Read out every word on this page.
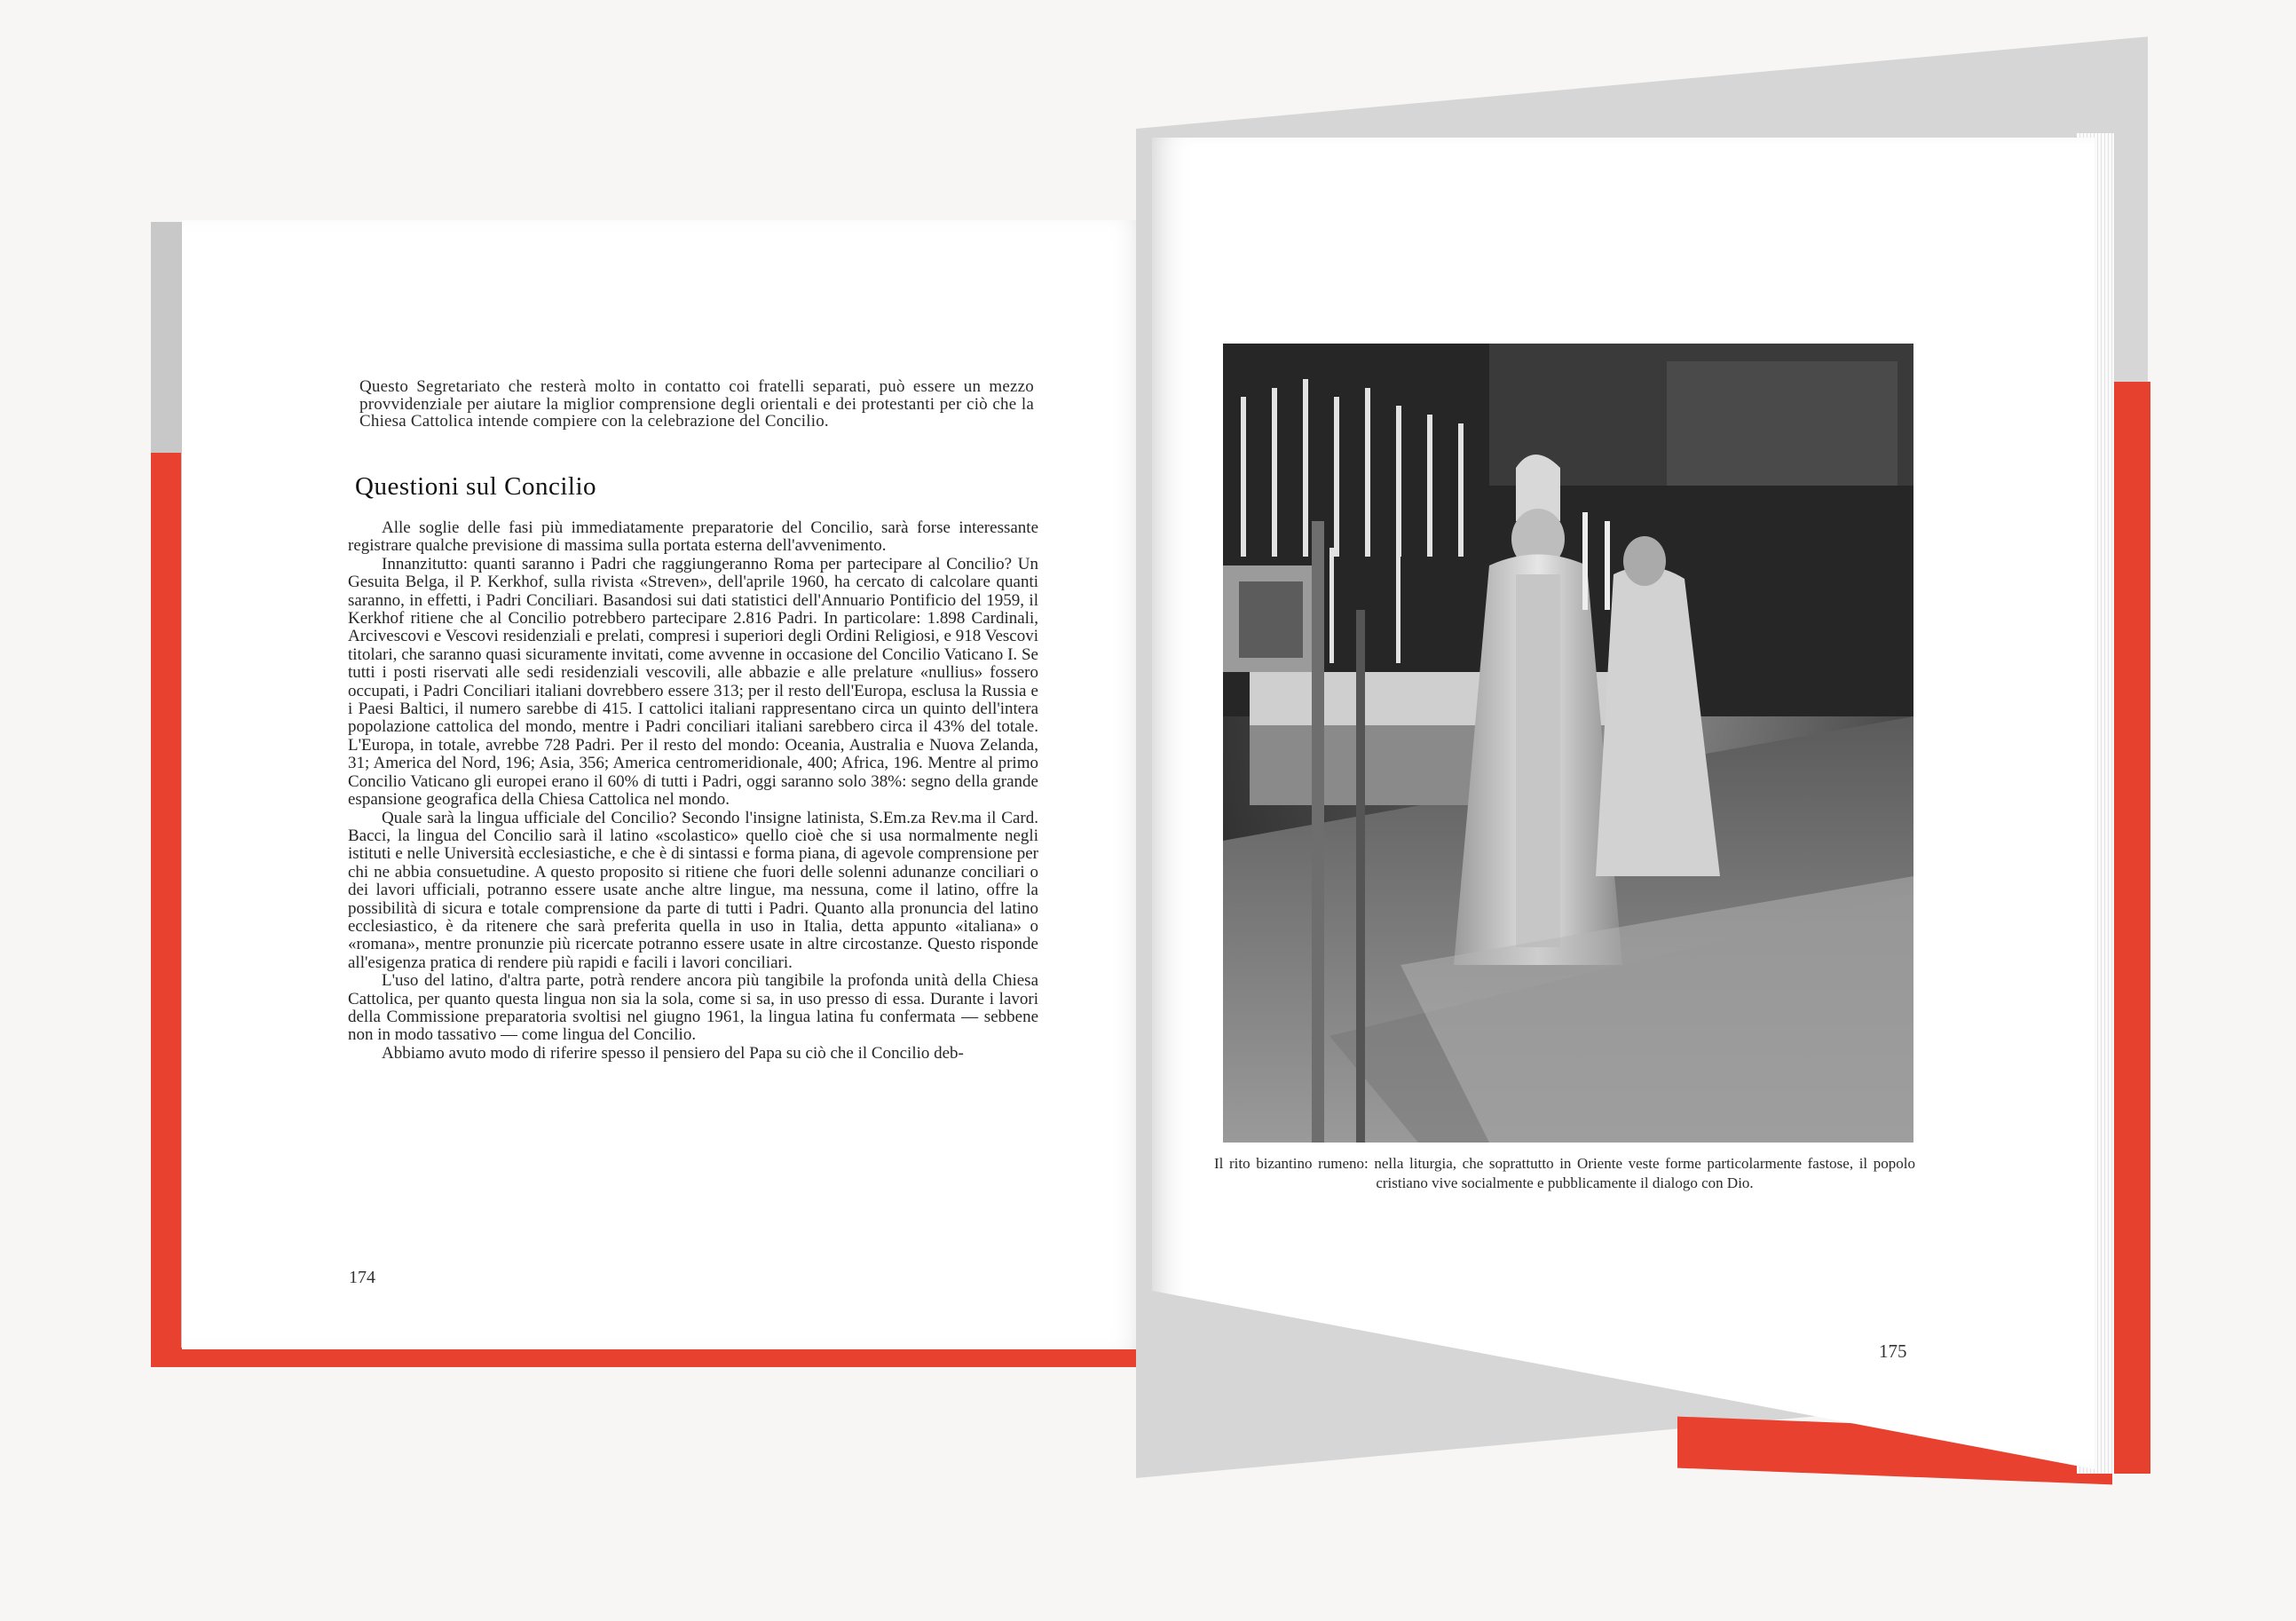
Questo Segretariato che resterà molto in contatto coi fratelli separati, può essere un mezzo provvidenziale per aiutare la miglior comprensione degli orientali e dei protestanti per ciò che la Chiesa Cattolica intende compiere con la celebrazione del Concilio.
Questioni sul Concilio

Alle soglie delle fasi più immediatamente preparatorie del Concilio, sarà forse interessante registrare qualche previsione di massima sulla portata esterna dell'avvenimento.

Innanzitutto: quanti saranno i Padri che raggiungeranno Roma per partecipare al Concilio? Un Gesuita Belga, il P. Kerkhof, sulla rivista «Streven», dell'aprile 1960, ha cercato di calcolare quanti saranno, in effetti, i Padri Conciliari. Basandosi sui dati statistici dell'Annuario Pontificio del 1959, il Kerkhof ritiene che al Concilio potrebbero partecipare 2.816 Padri. In particolare: 1.898 Cardinali, Arcivescovi e Vescovi residenziali e prelati, compresi i superiori degli Ordini Religiosi, e 918 Vescovi titolari, che saranno quasi sicuramente invitati, come avvenne in occasione del Concilio Vaticano I. Se tutti i posti riservati alle sedi residenziali vescovili, alle abbazie e alle prelature «nullius» fossero occupati, i Padri Conciliari italiani dovrebbero essere 313; per il resto dell'Europa, esclusa la Russia e i Paesi Baltici, il numero sarebbe di 415. I cattolici italiani rappresentano circa un quinto dell'intera popolazione cattolica del mondo, mentre i Padri conciliari italiani sarebbero circa il 43% del totale. L'Europa, in totale, avrebbe 728 Padri. Per il resto del mondo: Oceania, Australia e Nuova Zelanda, 31; America del Nord, 196; Asia, 356; America centromeridionale, 400; Africa, 196. Mentre al primo Concilio Vaticano gli europei erano il 60% di tutti i Padri, oggi saranno solo 38%: segno della grande espansione geografica della Chiesa Cattolica nel mondo.

Quale sarà la lingua ufficiale del Concilio? Secondo l'insigne latinista, S.Em.za Rev.ma il Card. Bacci, la lingua del Concilio sarà il latino «scolastico» quello cioè che si usa normalmente negli istituti e nelle Università ecclesiastiche, e che è di sintassi e forma piana, di agevole comprensione per chi ne abbia consuetudine. A questo proposito si ritiene che fuori delle solenni adunanze conciliari o dei lavori ufficiali, potranno essere usate anche altre lingue, ma nessuna, come il latino, offre la possibilità di sicura e totale comprensione da parte di tutti i Padri. Quanto alla pronuncia del latino ecclesiastico, è da ritenere che sarà preferita quella in uso in Italia, detta appunto «italiana» o «romana», mentre pronunzie più ricercate potranno essere usate in altre circostanze. Questo risponde all'esigenza pratica di rendere più rapidi e facili i lavori conciliari.

L'uso del latino, d'altra parte, potrà rendere ancora più tangibile la profonda unità della Chiesa Cattolica, per quanto questa lingua non sia la sola, come si sa, in uso presso di essa. Durante i lavori della Commissione preparatoria svoltisi nel giugno 1961, la lingua latina fu confermata — sebbene non in modo tassativo — come lingua del Concilio.

Abbiamo avuto modo di riferire spesso il pensiero del Papa su ciò che il Concilio deb-

174
Il rito bizantino rumeno: nella liturgia, che soprattutto in Oriente veste forme particolarmente fastose, il popolo cristiano vive socialmente e pubblicamente il dialogo con Dio.
175
